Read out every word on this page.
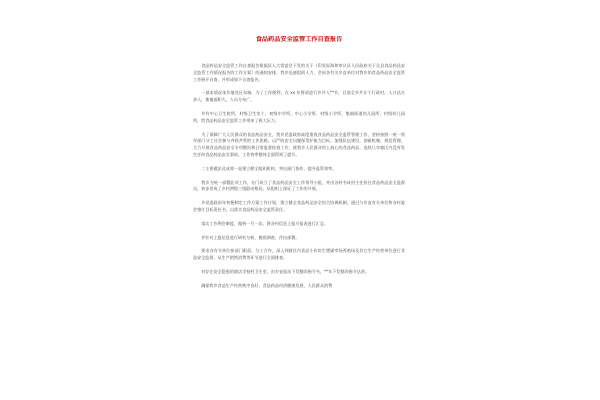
食品药品安全监管工作自查报告

食品药品安全监管工作自查报告根据县人大常委会下发的关于《印发际海和审议县人民政府关于全县食品药品安全监管工作情况报告的工作方案》的通知安排，我乡迅速组织人力，会同各有关乡直单位对我乡的食品药品安全监管工作展开自查，并形成如下自查报告。

一基本情况本乡地处区东端，为了工作便利，在 xx 年将原进行乡并入**乡，目前全乡共计个行政村，人口达万余人，集镇面积大，人员分布广。

并有中心卫生院所，村级卫生室个，初级中学所，中心小学所，村级小学所，集镇街道幼儿园所，村级幼儿园所，给食品药品安全监管工作带来了极大压力。

为了保障广大人民群众的食品药品安全，我乡党委政府高度重视食品药品安全监管管理工作，坚持按照一统一领导部门分工社会参与齐抓共管的工作思路，以严防安全问题保驾护航为目标，加强队伍建设，创新机制，规范管理，大力开展食品药品安全专项整治和日常监督检查工作，使我乡人民群众用上放心的食品药品，连续几年辖区内没有发生任何食品药品安全事故，工作效率整体全面得到了提升。

二主要做法及成效一是建立健全组织机构，突出部门协作，提升监管效率。

我乡为统一部署此项工作，专门成立了食品药品安全工作领导小组，并由各村书成村主任担任食品药品安全监督员，初步形成了乡村两级三级联动格局，从组织上保证了工作的开展。

乡党委政府年初便制定工作方案工作计划，建立健全食品药品安全综合协调机制，通过与乡直有关单位和各村委会签订目标责任书，以落实食品药品安全监管责任。

落实工作例会制度，做到一月一次，将各村信息上报月报表进行汇总。

并针对上报信息进行研究分析，摸底调查，作出部署。

要求各有关单位按部门职责，分工合作，深入到辖区内食品小作坊生猪屠宰场养殖场及其它生产经营单位进行食品安全监督，从生产销售消费等环节进行全面排查。

对存在安全隐患的商店学校村卫生室，由乡安监站下发整改指令书，**年下发整改指令达余。

确保我乡食品生产经营秩序良好，食品药品经济健康发展，人民群众消费
